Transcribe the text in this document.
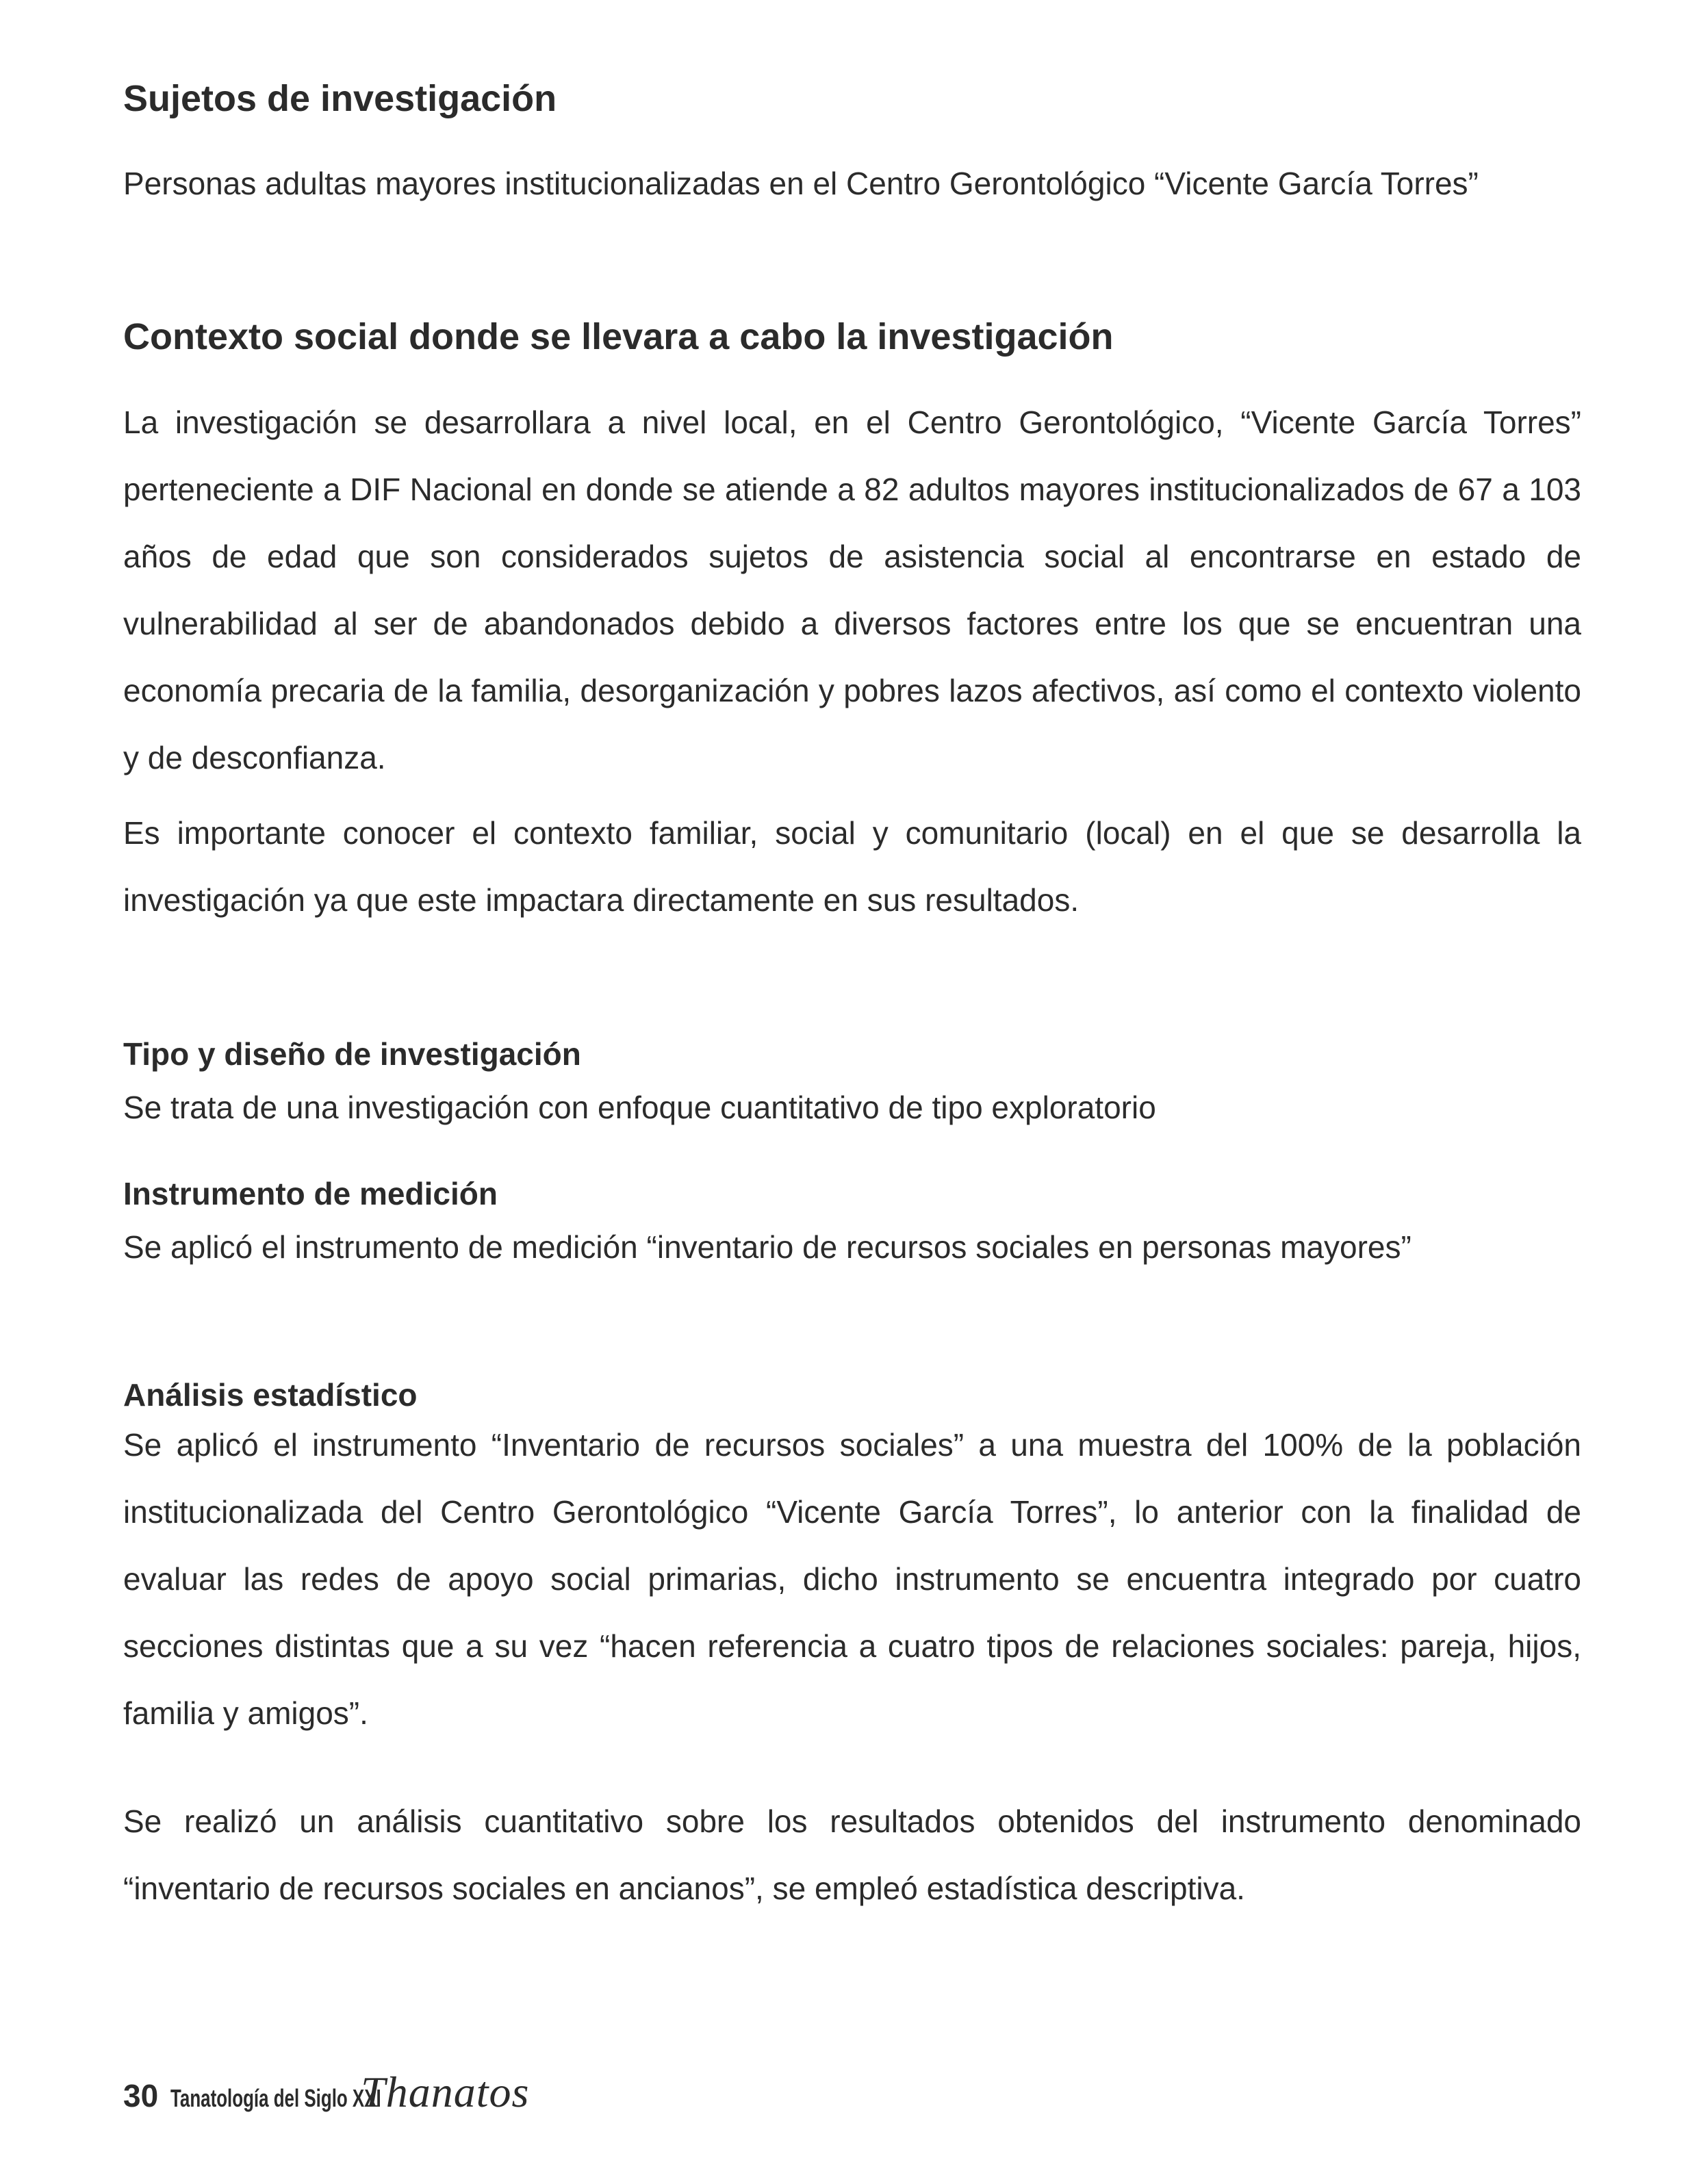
Sujetos de investigación

Personas adultas mayores institucionalizadas en el Centro Gerontológico “Vicente García Torres”

Contexto social donde se llevara a cabo la investigación

La investigación se desarrollara a nivel local, en el Centro Gerontológico, “Vicente García Torres” perteneciente a DIF Nacional en donde se atiende a 82 adultos mayores institucionalizados de 67 a 103 años de edad que son considerados sujetos de asistencia social al encontrarse en estado de vulnerabilidad al ser de abandonados debido a diversos factores entre los que se encuentran una economía precaria de la familia, desorganización y pobres lazos afectivos, así como el contexto violento y de desconfianza.

Es importante conocer el contexto familiar, social y comunitario (local) en el que se desarrolla la investigación ya que este impactara directamente en sus resultados.

Tipo y diseño de investigación

Se trata de una investigación con enfoque cuantitativo de tipo exploratorio

Instrumento de medición

Se aplicó el instrumento de medición “inventario de recursos sociales en personas mayores”

Análisis estadístico

Se aplicó el instrumento “Inventario de recursos sociales” a una muestra del 100% de la población institucionalizada del Centro Gerontológico “Vicente García Torres”, lo anterior con la finalidad de evaluar las redes de apoyo social primarias, dicho instrumento se encuentra integrado por cuatro secciones distintas que a su vez “hacen referencia a cuatro tipos de relaciones sociales: pareja, hijos, familia y amigos”.

Se realizó un análisis cuantitativo sobre los resultados obtenidos del instrumento denominado “inventario de recursos sociales en ancianos”, se empleó estadística descriptiva.

30 Tanatología del Siglo XXI
Thanatos
